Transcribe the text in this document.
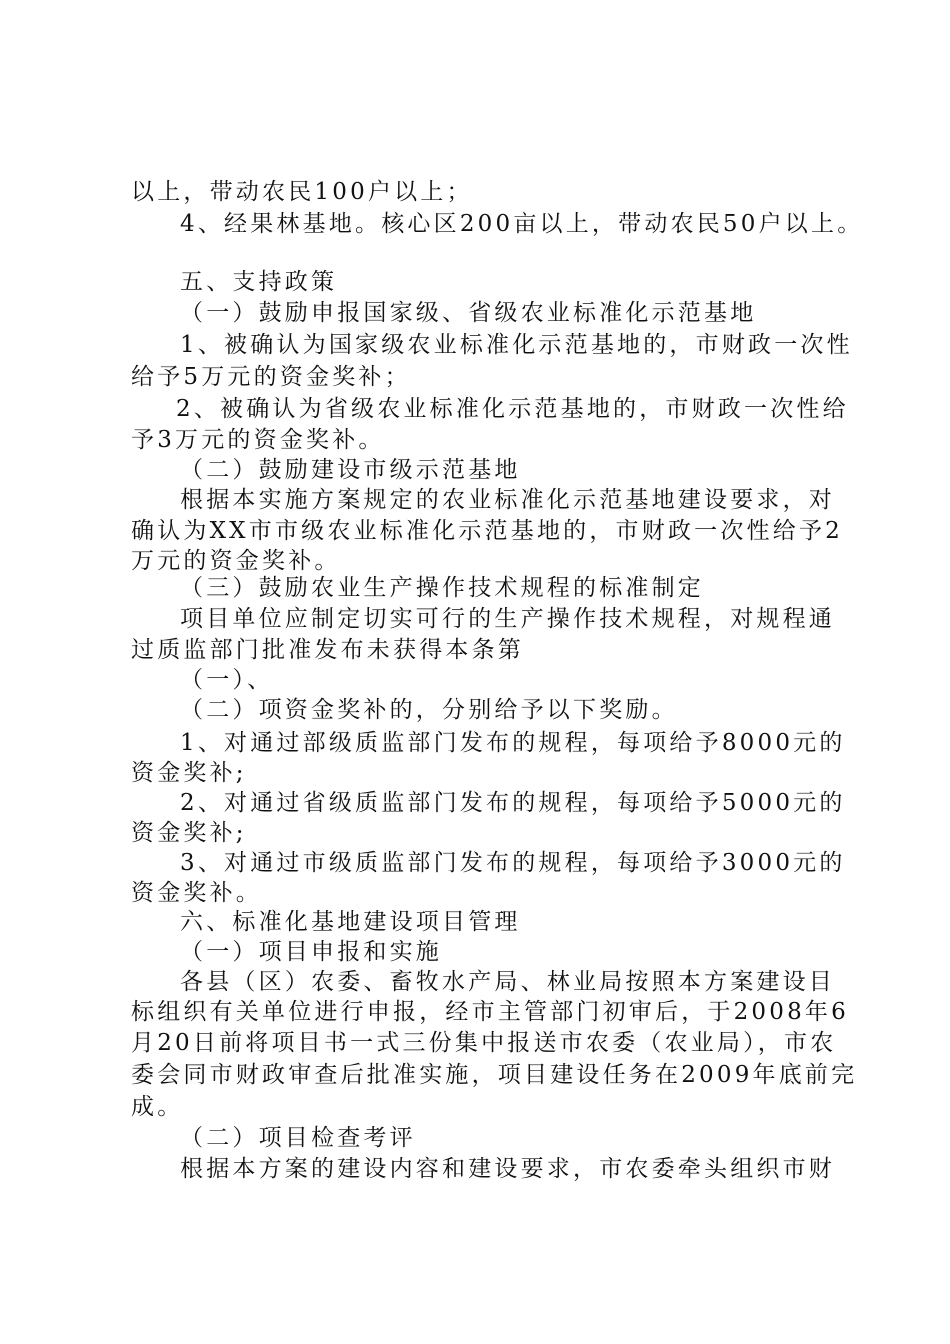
以上，带动农民100户以上；
4、经果林基地。核心区200亩以上，带动农民50户以上。
五、支持政策
（一）鼓励申报国家级、省级农业标准化示范基地
1、被确认为国家级农业标准化示范基地的，市财政一次性
给予5万元的资金奖补；
2、被确认为省级农业标准化示范基地的，市财政一次性给
予3万元的资金奖补。
（二）鼓励建设市级示范基地
根据本实施方案规定的农业标准化示范基地建设要求，对
确认为XX市市级农业标准化示范基地的，市财政一次性给予2
万元的资金奖补。
（三）鼓励农业生产操作技术规程的标准制定
项目单位应制定切实可行的生产操作技术规程，对规程通
过质监部门批准发布未获得本条第
（一）、
（二）项资金奖补的，分别给予以下奖励。
1、对通过部级质监部门发布的规程，每项给予8000元的
资金奖补;
2、对通过省级质监部门发布的规程，每项给予5000元的
资金奖补;
3、对通过市级质监部门发布的规程，每项给予3000元的
资金奖补。
六、标准化基地建设项目管理
（一）项目申报和实施
各县（区）农委、畜牧水产局、林业局按照本方案建设目
标组织有关单位进行申报，经市主管部门初审后，于2008年6
月20日前将项目书一式三份集中报送市农委（农业局），市农
委会同市财政审查后批准实施，项目建设任务在2009年底前完
成。
（二）项目检查考评
根据本方案的建设内容和建设要求，市农委牵头组织市财
